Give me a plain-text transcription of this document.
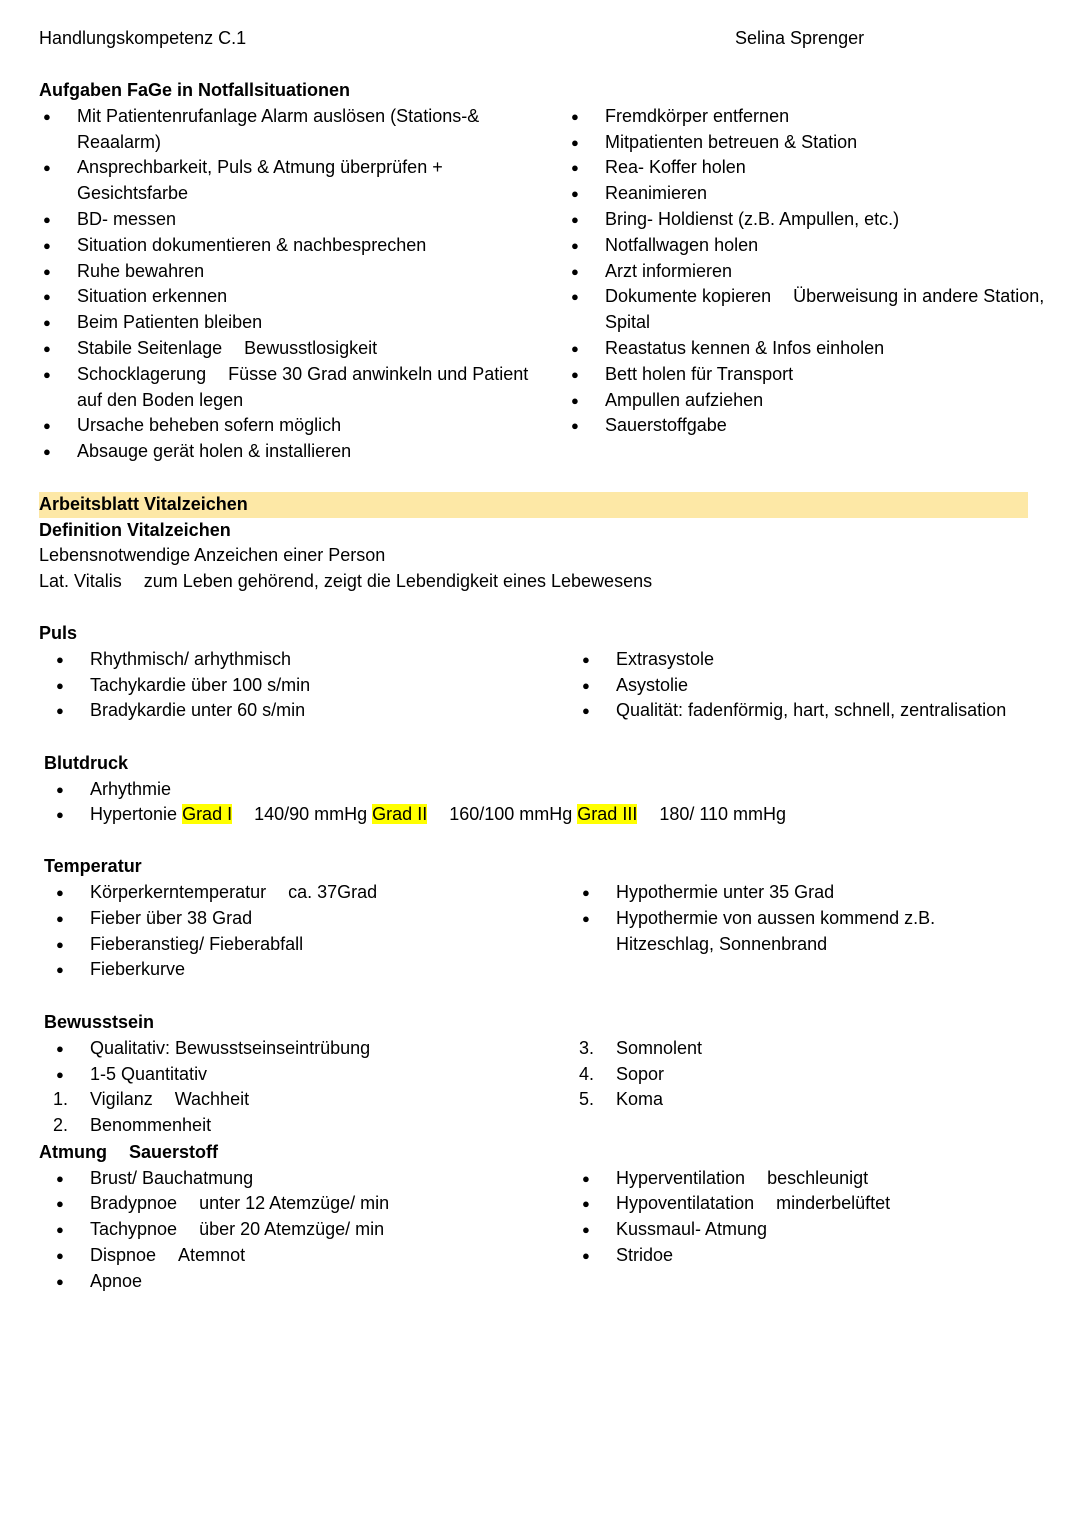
Handlungskompetenz C.1	Selina Sprenger
Aufgaben FaGe in Notfallsituationen
● Mit Patientenrufanlage Alarm auslösen (Stations-&
Reaalarm)
● Ansprechbarkeit, Puls & Atmung überprüfen +
Gesichtsfarbe
● BD- messen
● Situation dokumentieren & nachbesprechen
● Ruhe bewahren
● Situation erkennen
● Beim Patienten bleiben
● Stabile Seitenlage Bewusstlosigkeit
● Schocklagerung Füsse 30 Grad anwinkeln und Patient
auf den Boden legen
● Ursache beheben sofern möglich
● Absauge gerät holen & installieren
● Fremdkörper entfernen
● Mitpatienten betreuen & Station
● Rea- Koffer holen
● Reanimieren
● Bring- Holdienst (z.B. Ampullen, etc.)
● Notfallwagen holen
● Arzt informieren
● Dokumente kopieren Überweisung in andere Station,
Spital
● Reastatus kennen & Infos einholen
● Bett holen für Transport
● Ampullen aufziehen
● Sauerstoffgabe
Arbeitsblatt Vitalzeichen
Definition Vitalzeichen
Lebensnotwendige Anzeichen einer Person
Lat. Vitalis zum Leben gehörend, zeigt die Lebendigkeit eines Lebewesens
Puls
● Rhythmisch/ arhythmisch
● Tachykardie über 100 s/min
● Bradykardie unter 60 s/min
● Extrasystole
● Asystolie
● Qualität: fadenförmig, hart, schnell, zentralisation
Blutdruck
● Arhythmie
● Hypertonie Grad I 140/90 mmHg Grad II 160/100 mmHg Grad III 180/ 110 mmHg
Temperatur
● Körperkerntemperatur ca. 37Grad
● Fieber über 38 Grad
● Fieberanstieg/ Fieberabfall
● Fieberkurve
● Hypothermie unter 35 Grad
● Hypothermie von aussen kommend z.B.
Hitzeschlag, Sonnenbrand
Bewusstsein
● Qualitativ: Bewusstseinseintrübung
● 1-5 Quantitativ
1. Vigilanz Wachheit
2. Benommenheit
3. Somnolent
4. Sopor
5. Koma
Atmung Sauerstoff
● Brust/ Bauchatmung
● Bradypnoe unter 12 Atemzüge/ min
● Tachypnoe über 20 Atemzüge/ min
● Dispnoe Atemnot
● Apnoe
● Hyperventilation beschleunigt
● Hypoventilatation minderbelüftet
● Kussmaul- Atmung
● Stridoe
